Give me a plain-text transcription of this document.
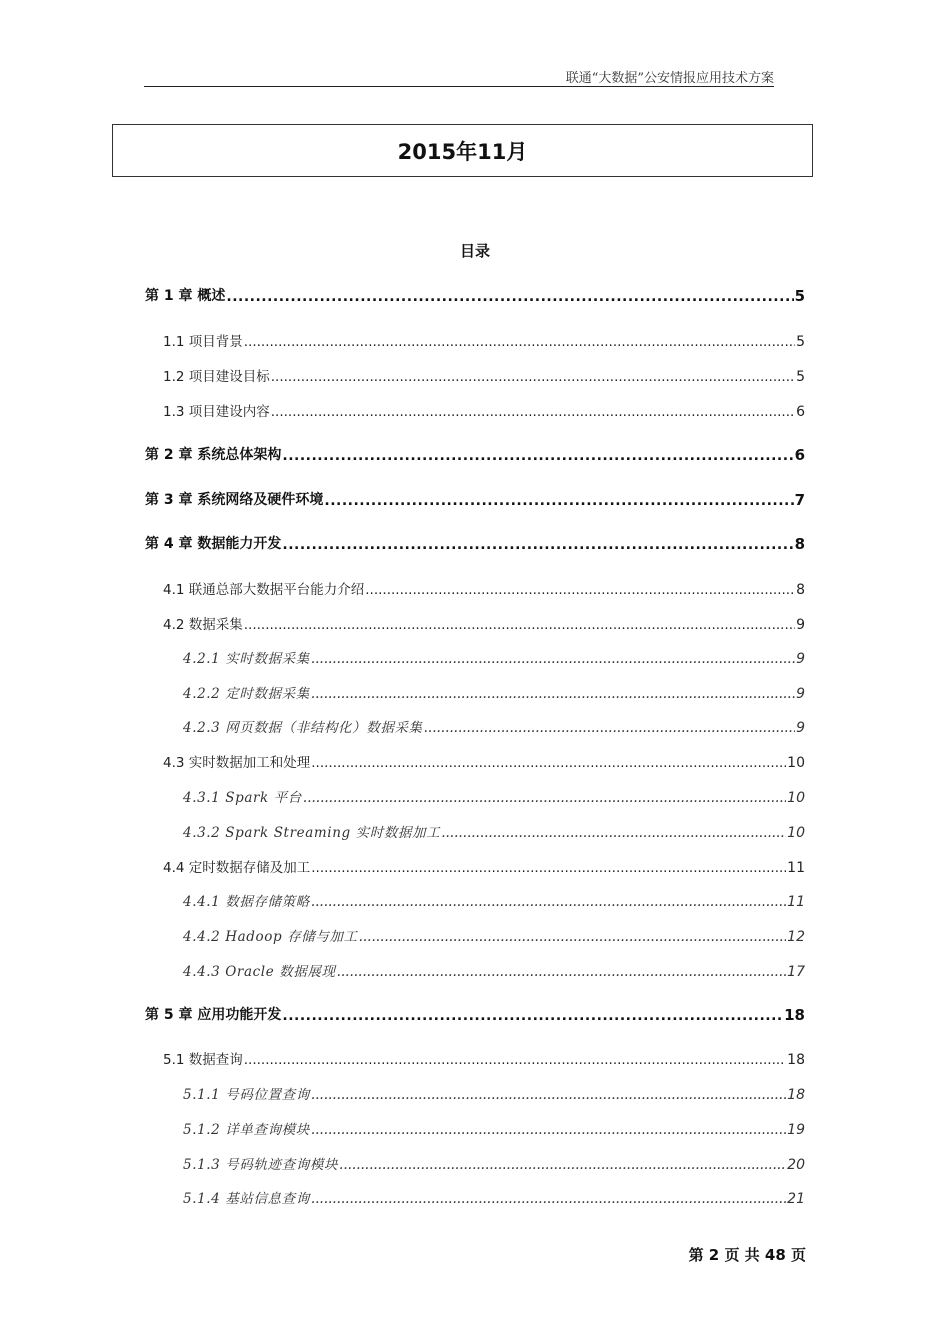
联通“大数据”公安情报应用技术方案
2015年11月
目录
第 1 章 概述 .....	5
1.1 项目背景 .....	5
1.2 项目建设目标 .....	5
1.3 项目建设内容 .....	6
第 2 章 系统总体架构 .....	6
第 3 章 系统网络及硬件环境 .....	7
第 4 章 数据能力开发 .....	8
4.1 联通总部大数据平台能力介绍 .....	8
4.2 数据采集 .....	9
4.2.1 实时数据采集 .....	9
4.2.2 定时数据采集 .....	9
4.2.3 网页数据（非结构化）数据采集 .....	9
4.3 实时数据加工和处理 .....	10
4.3.1 Spark 平台 .....	10
4.3.2 Spark Streaming 实时数据加工 .....	10
4.4 定时数据存储及加工 .....	11
4.4.1 数据存储策略 .....	11
4.4.2 Hadoop 存储与加工 .....	12
4.4.3 Oracle 数据展现 .....	17
第 5 章 应用功能开发 .....	18
5.1 数据查询 .....	18
5.1.1 号码位置查询 .....	18
5.1.2 详单查询模块 .....	19
5.1.3 号码轨迹查询模块 .....	20
5.1.4 基站信息查询 .....	21
第 2 页 共 48 页
